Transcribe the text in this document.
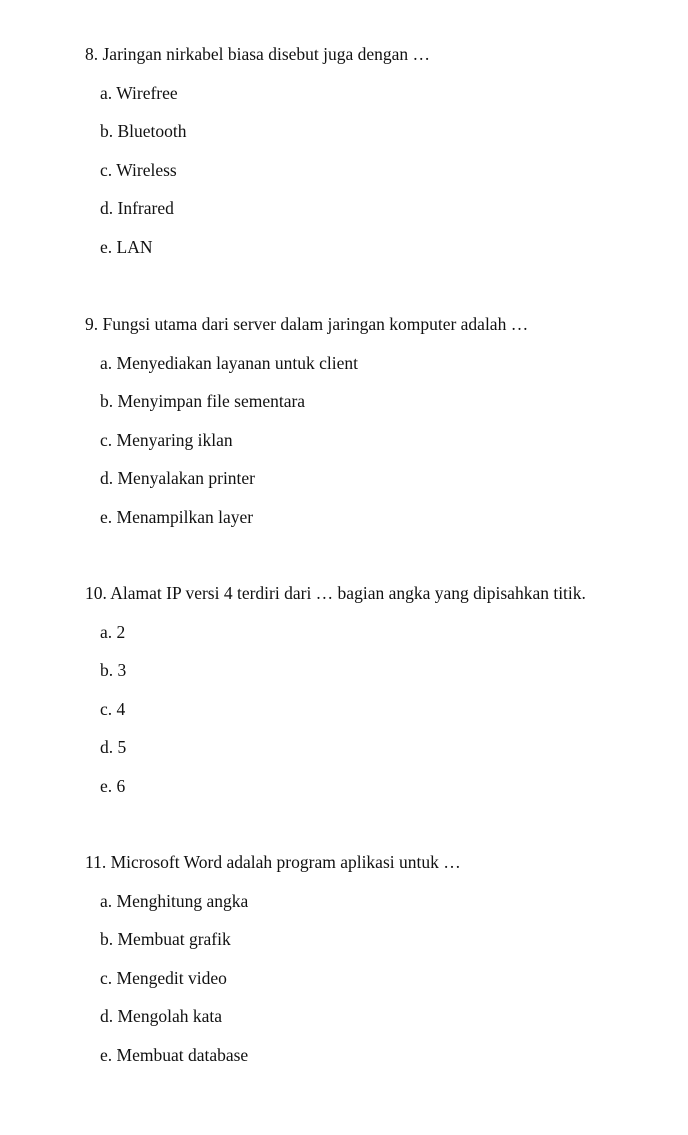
8. Jaringan nirkabel biasa disebut juga dengan …

a. Wirefree
b. Bluetooth
c. Wireless
d. Infrared
e. LAN

9. Fungsi utama dari server dalam jaringan komputer adalah …

a. Menyediakan layanan untuk client
b. Menyimpan file sementara
c. Menyaring iklan
d. Menyalakan printer
e. Menampilkan layer

10. Alamat IP versi 4 terdiri dari … bagian angka yang dipisahkan titik.

a. 2
b. 3
c. 4
d. 5
e. 6

11. Microsoft Word adalah program aplikasi untuk …

a. Menghitung angka
b. Membuat grafik
c. Mengedit video
d. Mengolah kata
e. Membuat database
